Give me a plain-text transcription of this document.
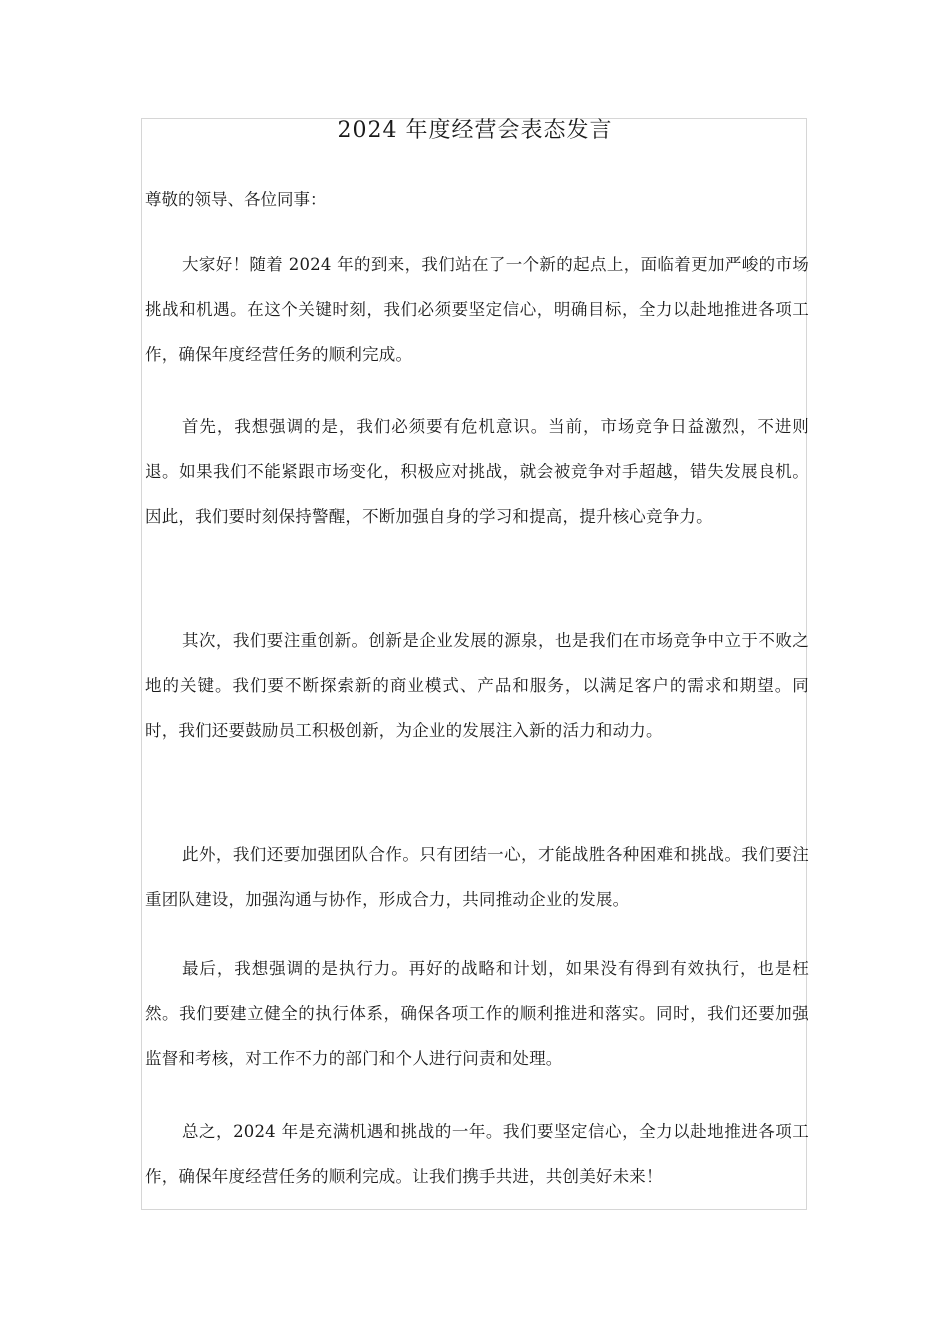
2024 年度经营会表态发言

尊敬的领导、各位同事：

大家好！随着 2024 年的到来，我们站在了一个新的起点上，面临着更加严峻的市场挑战和机遇。在这个关键时刻，我们必须要坚定信心，明确目标，全力以赴地推进各项工作，确保年度经营任务的顺利完成。

首先，我想强调的是，我们必须要有危机意识。当前，市场竞争日益激烈，不进则退。如果我们不能紧跟市场变化，积极应对挑战，就会被竞争对手超越，错失发展良机。因此，我们要时刻保持警醒，不断加强自身的学习和提高，提升核心竞争力。

其次，我们要注重创新。创新是企业发展的源泉，也是我们在市场竞争中立于不败之地的关键。我们要不断探索新的商业模式、产品和服务，以满足客户的需求和期望。同时，我们还要鼓励员工积极创新，为企业的发展注入新的活力和动力。

此外，我们还要加强团队合作。只有团结一心，才能战胜各种困难和挑战。我们要注重团队建设，加强沟通与协作，形成合力，共同推动企业的发展。

最后，我想强调的是执行力。再好的战略和计划，如果没有得到有效执行，也是枉然。我们要建立健全的执行体系，确保各项工作的顺利推进和落实。同时，我们还要加强监督和考核，对工作不力的部门和个人进行问责和处理。

总之，2024 年是充满机遇和挑战的一年。我们要坚定信心，全力以赴地推进各项工作，确保年度经营任务的顺利完成。让我们携手共进，共创美好未来！
